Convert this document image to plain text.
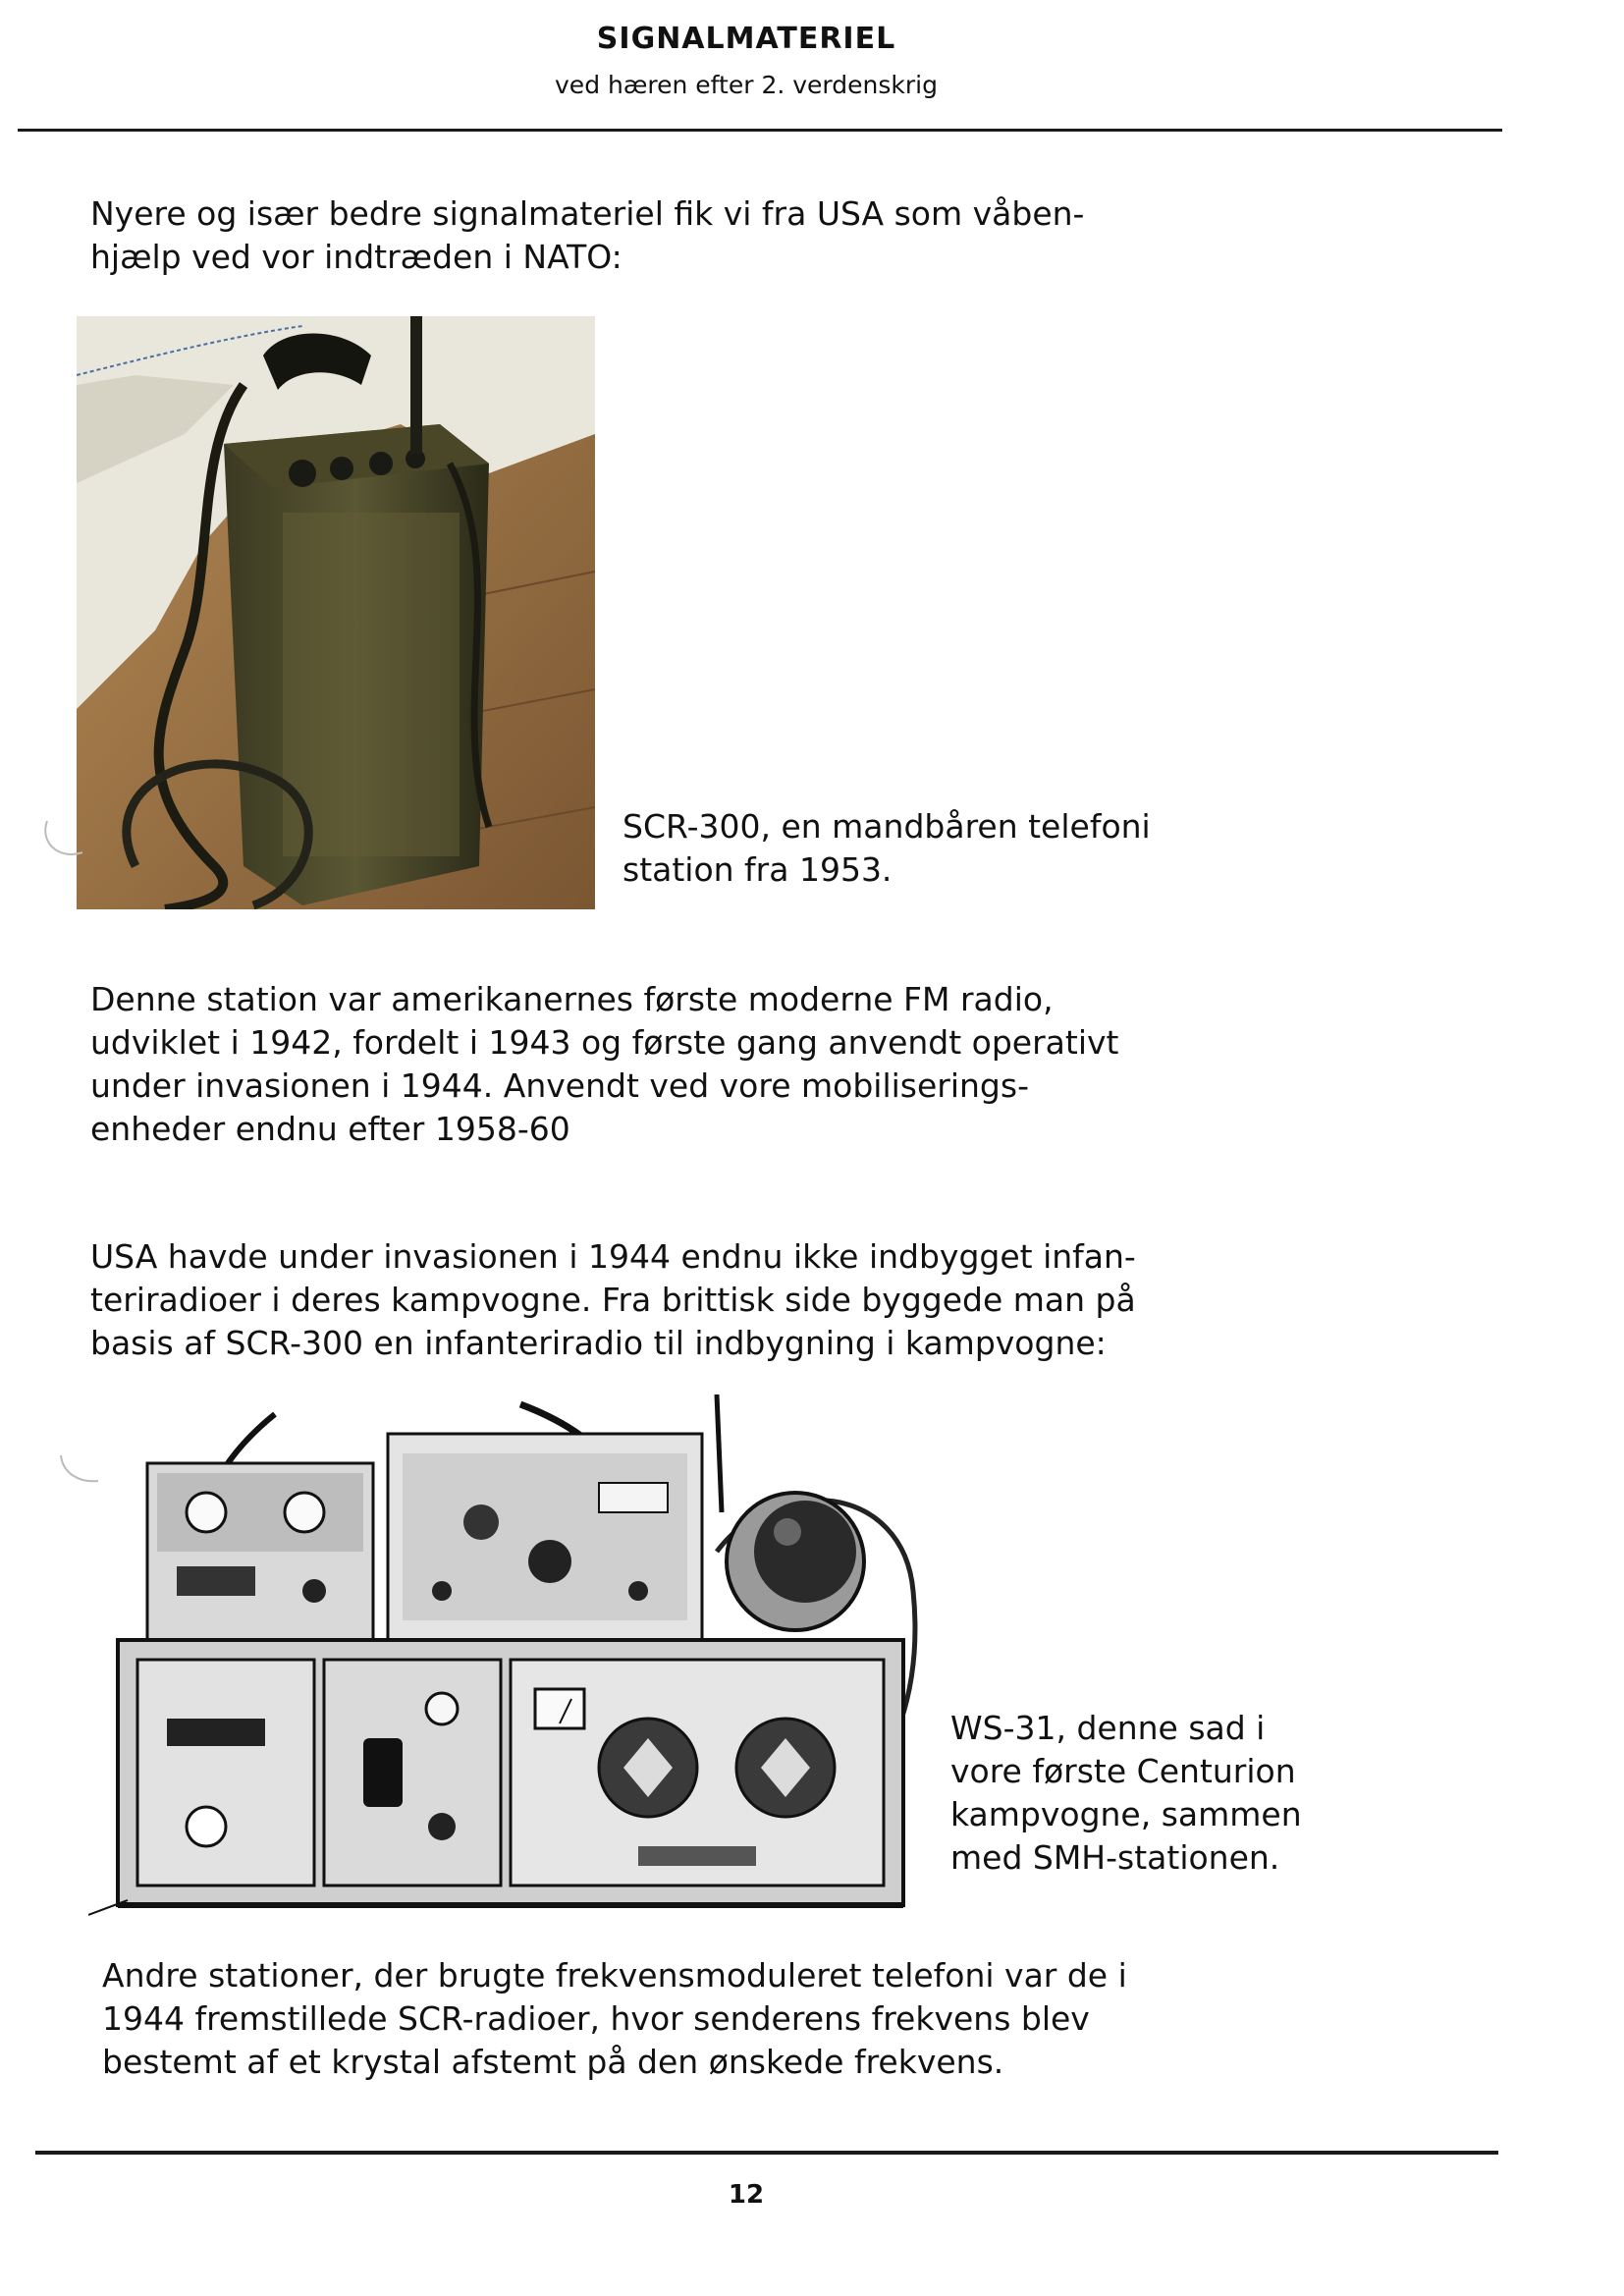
SIGNALMATERIEL
ved hæren efter 2. verdenskrig

Nyere og især bedre signalmateriel fik vi fra USA som våben-
hjælp ved vor indtræden i NATO:

SCR-300, en mandbåren telefoni
station fra 1953.

Denne station var amerikanernes første moderne FM radio,
udviklet i 1942, fordelt i 1943 og første gang anvendt operativt
under invasionen i 1944. Anvendt ved vore mobiliserings-
enheder endnu efter 1958-60

USA havde under invasionen i 1944 endnu ikke indbygget infan-
teriradioer i deres kampvogne. Fra brittisk side byggede man på
basis af SCR-300 en infanteriradio til indbygning i kampvogne:

WS-31, denne sad i
vore første Centurion
kampvogne, sammen
med SMH-stationen.

Andre stationer, der brugte frekvensmoduleret telefoni var de i
1944 fremstillede SCR-radioer, hvor senderens frekvens blev
bestemt af et krystal afstemt på den ønskede frekvens.

12
